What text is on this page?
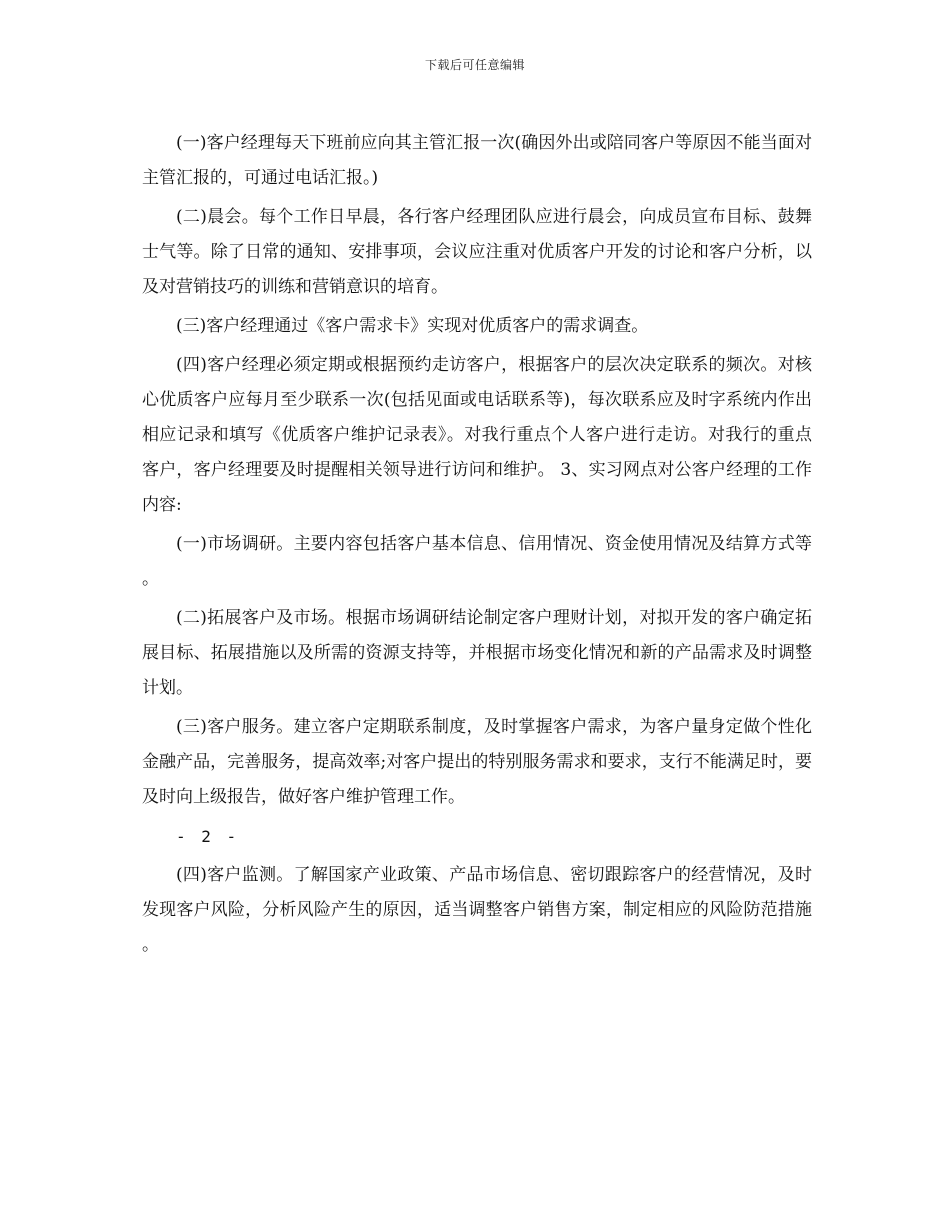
下载后可任意编辑

(一)客户经理每天下班前应向其主管汇报一次(确因外出或陪同客户等原因不能当面对主管汇报的，可通过电话汇报。)

(二)晨会。每个工作日早晨，各行客户经理团队应进行晨会，向成员宣布目标、鼓舞士气等。除了日常的通知、安排事项，会议应注重对优质客户开发的讨论和客户分析，以及对营销技巧的训练和营销意识的培育。

(三)客户经理通过《客户需求卡》实现对优质客户的需求调查。

(四)客户经理必须定期或根据预约走访客户，根据客户的层次决定联系的频次。对核心优质客户应每月至少联系一次(包括见面或电话联系等)，每次联系应及时字系统内作出相应记录和填写《优质客户维护记录表》。对我行重点个人客户进行走访。对我行的重点客户，客户经理要及时提醒相关领导进行访问和维护。 3、实习网点对公客户经理的工作内容:

(一)市场调研。主要内容包括客户基本信息、信用情况、资金使用情况及结算方式等。

(二)拓展客户及市场。根据市场调研结论制定客户理财计划，对拟开发的客户确定拓展目标、拓展措施以及所需的资源支持等，并根据市场变化情况和新的产品需求及时调整计划。

(三)客户服务。建立客户定期联系制度，及时掌握客户需求，为客户量身定做个性化金融产品，完善服务，提高效率;对客户提出的特别服务需求和要求，支行不能满足时，要及时向上级报告，做好客户维护管理工作。

- 2 -

(四)客户监测。了解国家产业政策、产品市场信息、密切跟踪客户的经营情况，及时发现客户风险，分析风险产生的原因，适当调整客户销售方案，制定相应的风险防范措施。
